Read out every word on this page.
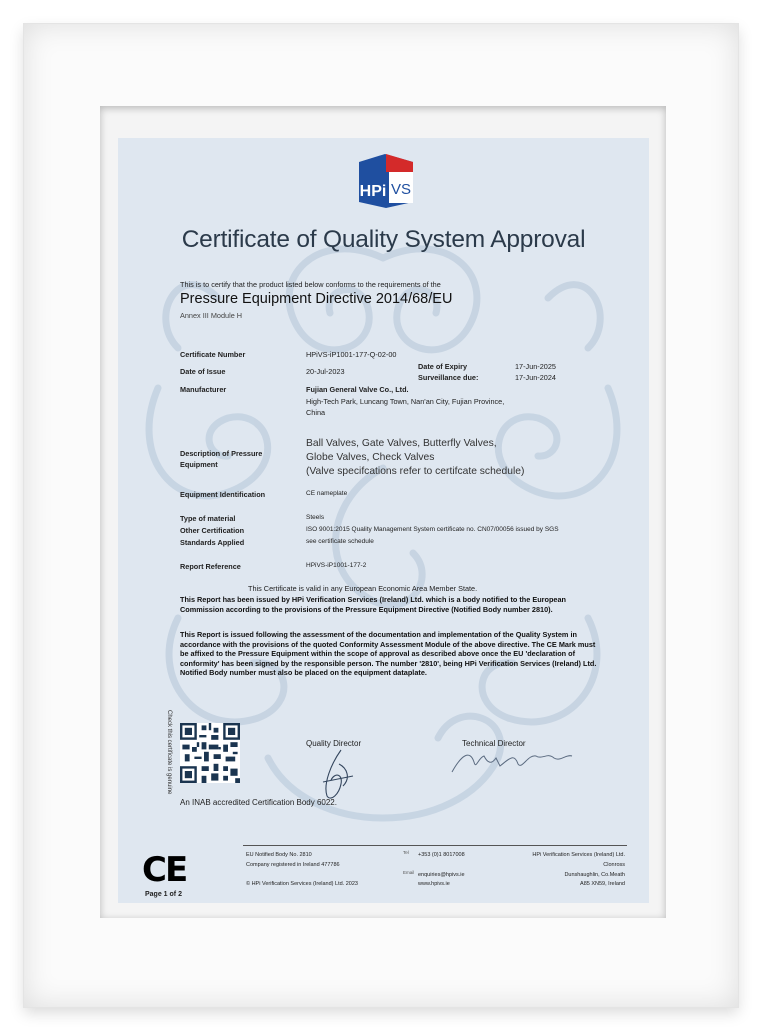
HPi VS
Certificate of Quality System Approval
This is to certify that the product listed below conforms to the requirements of the
Pressure Equipment Directive 2014/68/EU
Annex III Module H
Certificate Number	HPiVS-iP1001-177-Q-02-00
Date of Expiry	17-Jun-2025
Date of Issue	20-Jul-2023
Surveillance due:	17-Jun-2024
Manufacturer	Fujian General Valve Co., Ltd.
High-Tech Park, Luncang Town, Nan'an City, Fujian Province,
China
Ball Valves, Gate Valves, Butterfly Valves,
Description of Pressure	Globe Valves, Check Valves
Equipment
(Valve specifcations refer to certifcate schedule)
Equipment Identification	CE nameplate
Type of material	Steels
Other Certification	ISO 9001:2015 Quality Management System certificate no. CN07/00056 issued by SGS
Standards Applied	see certificate schedule
Report Reference	HPiVS-iP1001-177-2
This Certificate is valid in any European Economic Area Member State.
This Report has been issued by HPi Verification Services (Ireland) Ltd. which is a body notified to the European Commission according to the provisions of the Pressure Equipment Directive (Notified Body number 2810).
This Report is issued following the assessment of the documentation and implementation of the Quality System in accordance with the provisions of the quoted Conformity Assessment Module of the above directive. The CE Mark must be affixed to the Pressure Equipment within the scope of approval as described above once the EU 'declaration of conformity' has been signed by the responsible person. The number '2810', being HPi Verification Services (Ireland) Ltd. Notified Body number must also be placed on the equipment dataplate.
Check this certificate is genuine	Quality Director	Technical Director
An INAB accredited Certification Body 6022.
CE
Page 1 of 2
EU Notified Body No. 2810
Company registered in Ireland 477786
© HPi Verification Services (Ireland) Ltd. 2023
Tel +353 (0)1 8017008
Email enquiries@hpivs.ie
www.hpivs.ie
HPi Verification Services (Ireland) Ltd.
Clonross
Dunshaughlin, Co.Meath
A85 XN59, Ireland
